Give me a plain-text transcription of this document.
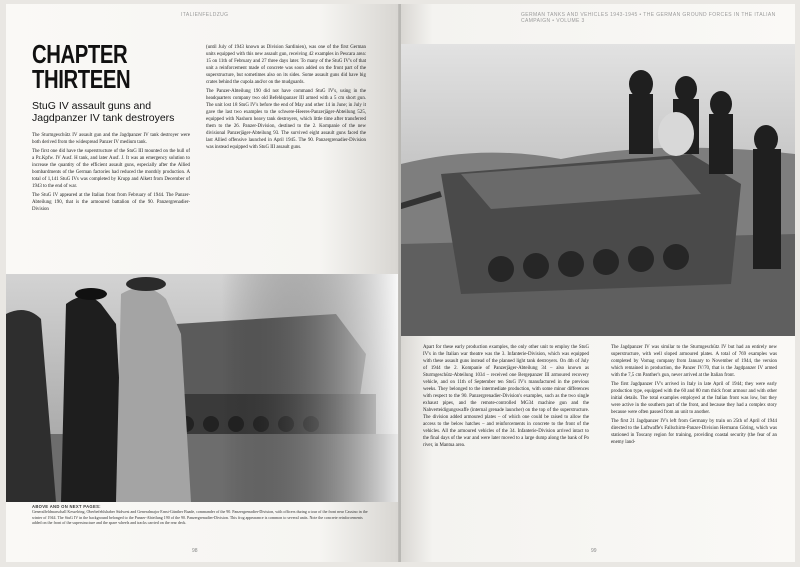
ITALIENFELDZUG
CHAPTER
THIRTEEN
StuG IV assault guns and Jagdpanzer IV tank destroyers

The Sturmgeschütz IV assault gun and the Jagdpanzer IV tank destroyer were both derived from the widespread Panzer IV medium tank.

The first one did have the superstructure of the StuG III mounted on the hull of a Pz.Kpfw. IV Ausf. H tank, and later Ausf. J. It was an emergency solution to increase the quantity of the efficient assault guns, especially after the Allied bombardments of the German factories had reduced the monthly production. A total of 1,141 StuG IVs was completed by Krupp and Alkett from December of 1943 to the end of war.

The StuG IV appeared at the Italian front from February of 1944. The Panzer-Abteilung 190, that is the armoured battalion of the 90. Panzergrenadier-Division

(until July of 1943 known as Division Sardinien), was one of the first German units equipped with this new assault gun, receiving 42 examples in Pescara area: 15 on 11th of February and 27 three days later. To many of the StuG IV's of that unit a reinforcement made of concrete was soon added on the front part of the superstructure, but sometimes also on its sides. Some assault guns did have big crates behind the cupola and/or on the mudguards.

The Panzer-Abteilung 190 did not have command StuG IV's, using in the headquarters company two old Befehlspanzer III armed with a 5 cm short gun. The unit lost 18 StuG IV's before the end of May and other 14 in June; in July it gave the last two examples to the schwere-Heeres-Panzerjäger-Abteilung 525, equipped with Nashorn heavy tank destroyers, which little time after transferred them to the 26. Panzer-Division, destined to the 2. Kompanie of the new divisional Panzerjäger-Abteilung 93. The survived eight assault guns faced the last Allied offensive launched in April 1945. The 90. Panzergrenadier-Division was instead equipped with StuG III assault guns.

ABOVE AND ON NEXT PAGES:
Generalfeldmarschall Kesselring, Oberbefehlshaber Südwest and Generalmajor Ernst-Günther Baade, commander of the 90. Panzergrenadier-Division, with officers during a tour of the front near Cassino in the winter of 1944. The StuG IV in the background belonged to the Panzer-Abteilung 190 of the 90. Panzergrenadier-Division. This frog appearance is common to several units. Note the concrete reinforcements added on the front of the superstructure and the spare wheels and tracks carried on the rear deck.
98
GERMAN TANKS AND VEHICLES 1943-1945 • THE GERMAN GROUND FORCES IN THE ITALIAN CAMPAIGN • VOLUME 3

Apart for these early production examples, the only other unit to employ the StuG IV's in the Italian war theatre was the 3. Infanterie-Division, which was equipped with these assault guns instead of the planned light tank destroyers. On 4th of July of 1944 the 2. Kompanie of Panzerjäger-Abteilung 34 – also known as Sturmgeschütz-Abteilung 1034 – received one Bergepanzer III armoured recovery vehicle, and on 11th of September ten StuG IV's manufactured in the previous weeks. They belonged to the intermediate production, with some minor differences with respect to the 90. Panzergrenadier-Division's examples, such as the two single exhaust pipes, and the remote-controlled MG34 machine gun and the Nahverteidigungswaffe (internal grenade launcher) on the top of the superstructure. The division added armoured plates – of which one could be raised to allow the access to the below hatches – and reinforcements in concrete to the front of the vehicles. All the armoured vehicles of the 34. Infanterie-Division arrived intact to the final days of the war and were later moved to a large dump along the bank of Po river, in Mantua area.

The Jagdpanzer IV was similar to the Sturmgeschütz IV but had an entirely new superstructure, with well sloped armoured plates. A total of 769 examples was completed by Vomag company from January to November of 1944, the version which remained in production, the Panzer IV/70, that is the Jagdpanzer IV armed with the 7,5 cm Panther's gun, never arrived at the Italian front.

The first Jagdpanzer IV's arrived in Italy in late April of 1944; they were early production type, equipped with the 60 and 80 mm thick front armour and with other initial details. The total examples employed at the Italian front was low, but they were active in the southern part of the front, and because they had a complex story because were often passed from an unit to another.

The first 21 Jagdpanzer IV's left from Germany by train on 25th of April of 1944 directed to the Luftwaffe's Fallschirm-Panzer-Division Hermann Göring, which was stationed in Toscany region for training, providing coastal security (the fear of an enemy land-

99
